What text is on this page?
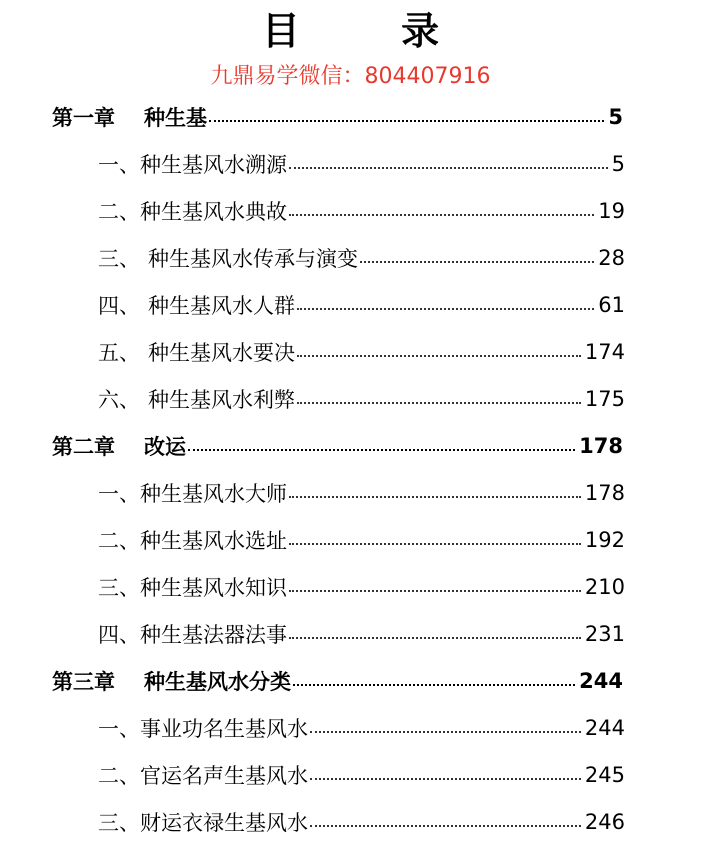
目 录
九鼎易学微信：804407916
第一章	种生基	5
一、 种生基风水溯源	5
二、 种生基风水典故	19
三、 种生基风水传承与演变	28
四、 种生基风水人群	61
五、 种生基风水要决	174
六、 种生基风水利弊	175
第二章	改运	178
一、 种生基风水大师	178
二、 种生基风水选址	192
三、 种生基风水知识	210
四、 种生基法器法事	231
第三章	种生基风水分类	244
一、 事业功名生基风水	244
二、 官运名声生基风水	245
三、 财运衣禄生基风水	246
